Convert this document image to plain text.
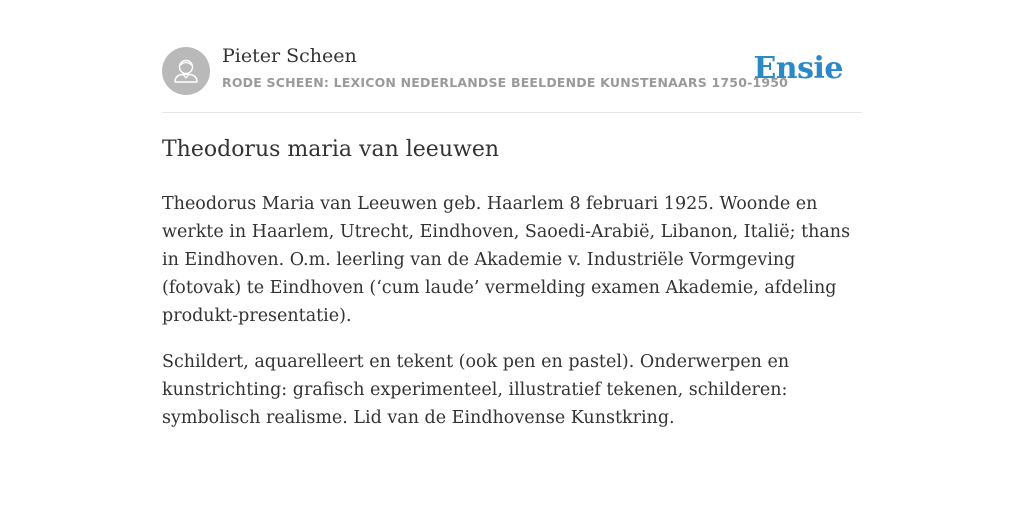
Pieter Scheen
RODE SCHEEN: LEXICON NEDERLANDSE BEELDENDE KUNSTENAARS 1750-1950
Ensie
Theodorus maria van leeuwen

Theodorus Maria van Leeuwen geb. Haarlem 8 februari 1925. Woonde en werkte in Haarlem, Utrecht, Eindhoven, Saoedi-Arabië, Libanon, Italië; thans in Eindhoven. O.m. leerling van de Akademie v. Industriële Vormgeving (fotovak) te Eindhoven (‘cum laude’ vermelding examen Akademie, afdeling produkt-presentatie).

Schildert, aquarelleert en tekent (ook pen en pastel). Onderwerpen en kunstrichting: grafisch experimenteel, illustratief tekenen, schilderen: symbolisch realisme. Lid van de Eindhovense Kunstkring.
